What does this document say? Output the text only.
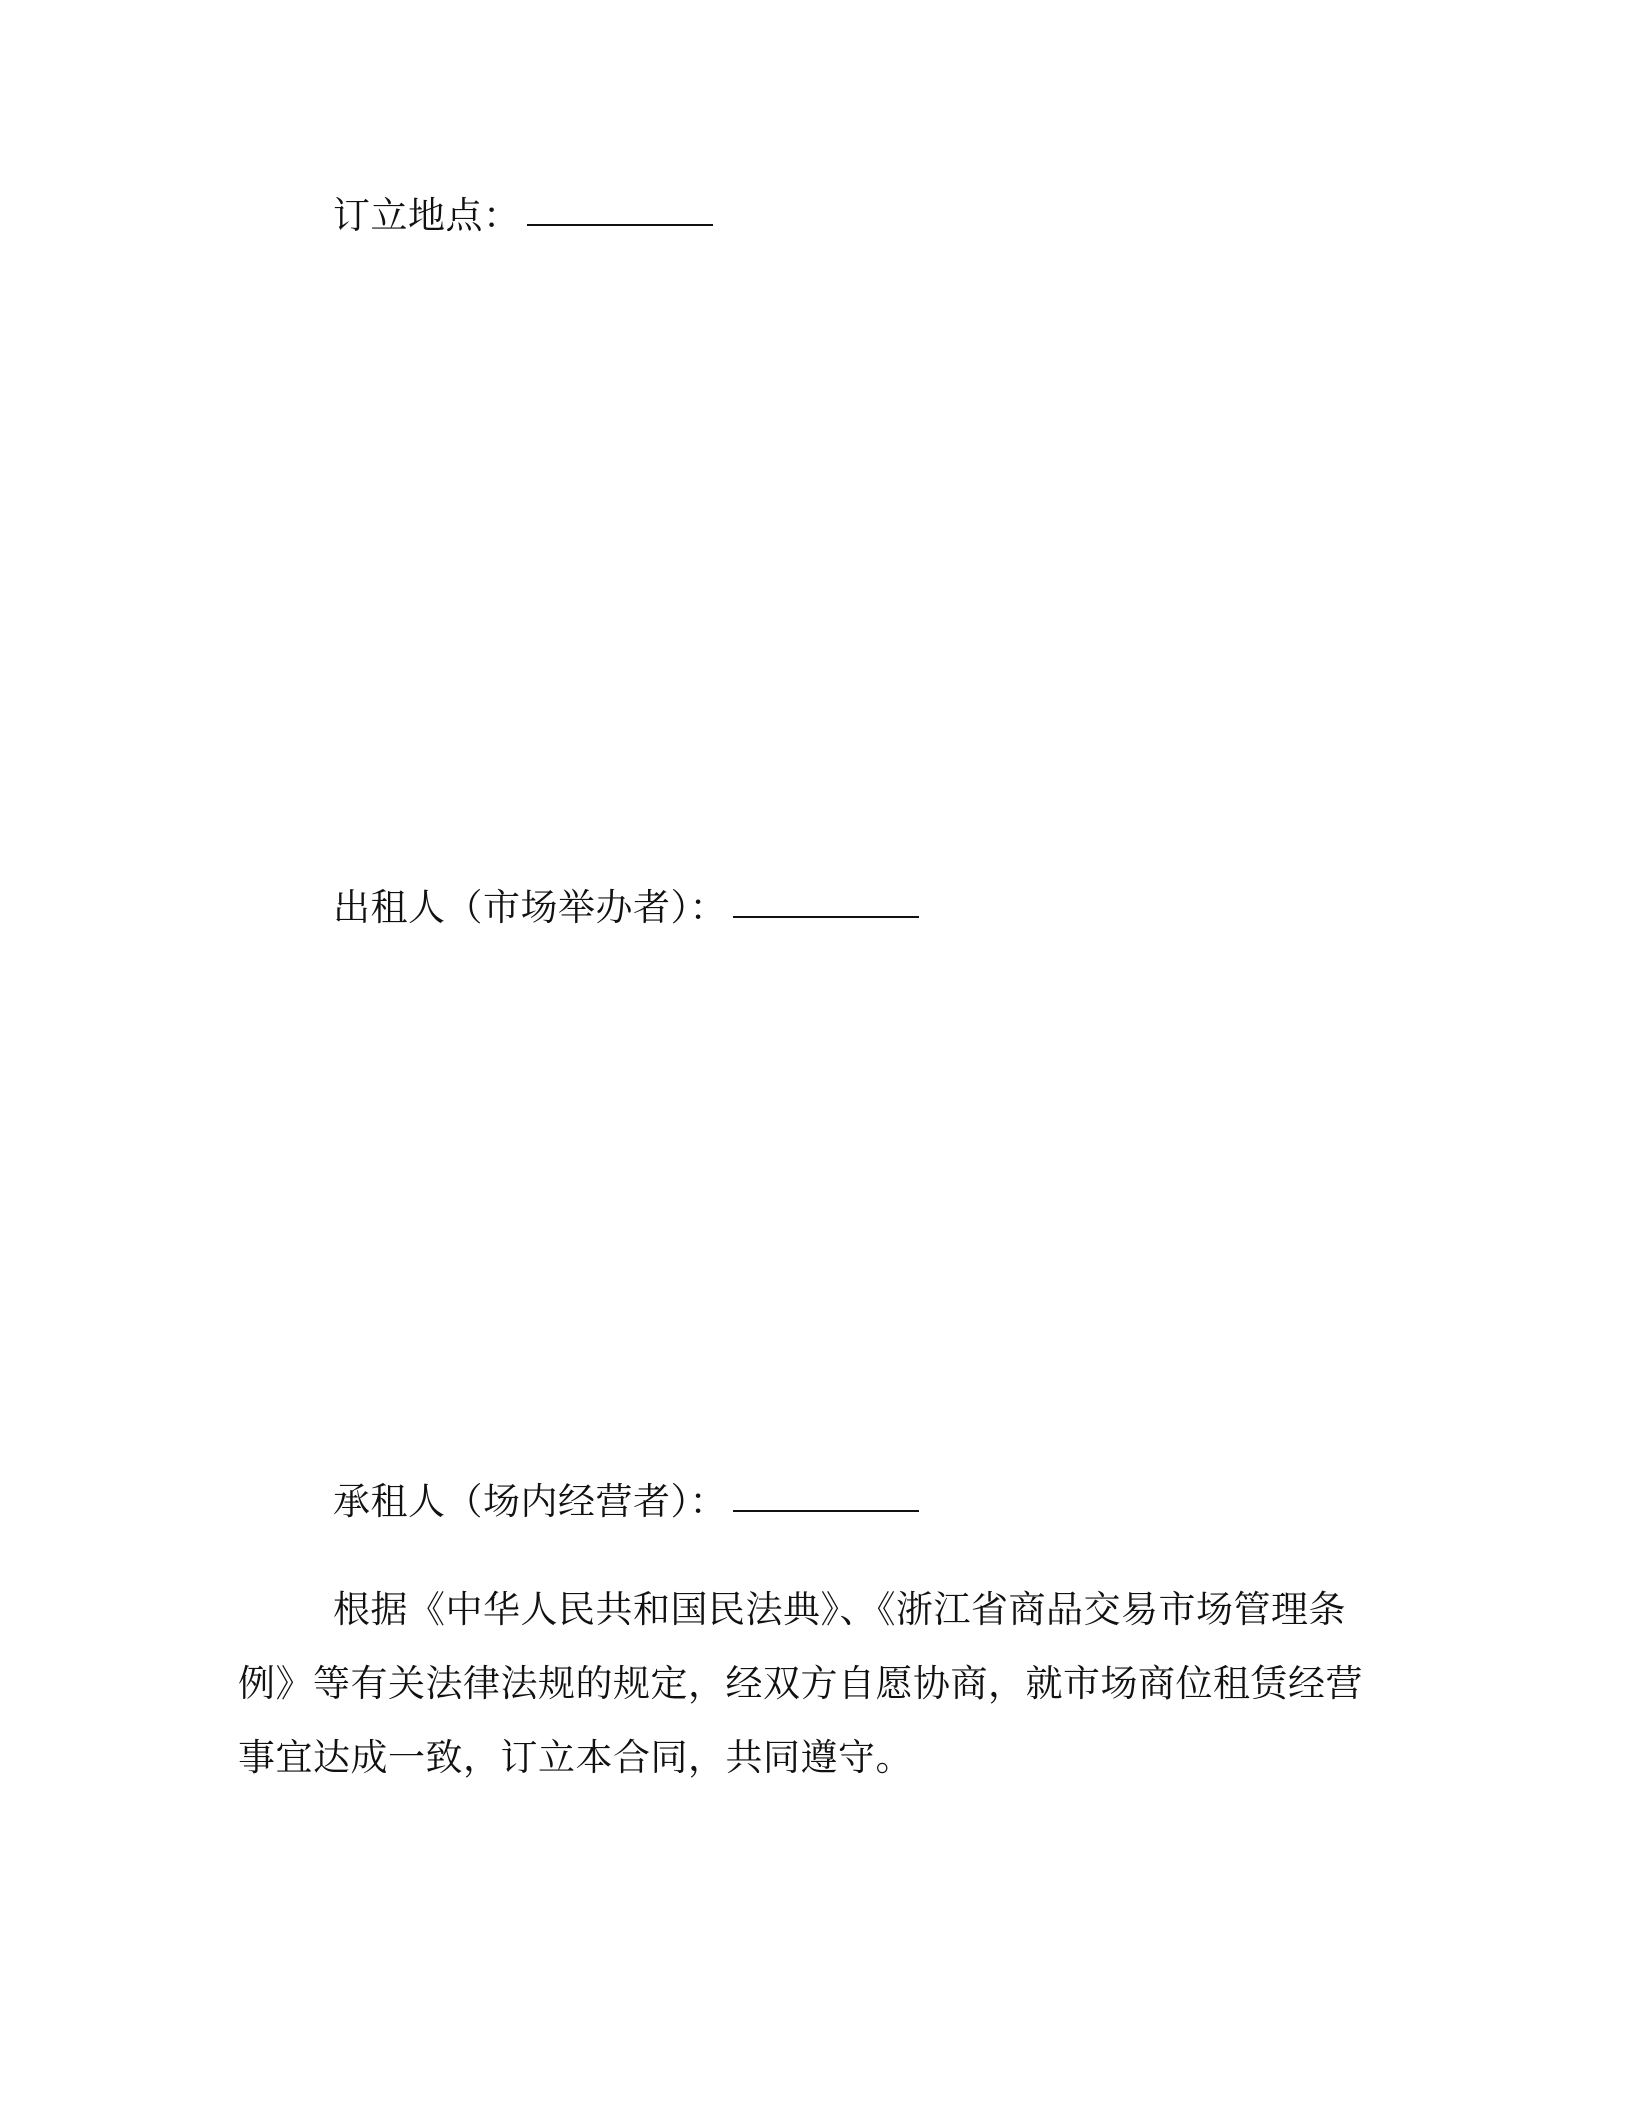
订立地点：
出租人（市场举办者）：
承租人（场内经营者）：
根据《中华人民共和国民法典》、《浙江省商品交易市场管理条
例》等有关法律法规的规定，经双方自愿协商，就市场商位租赁经营
事宜达成一致，订立本合同，共同遵守。
